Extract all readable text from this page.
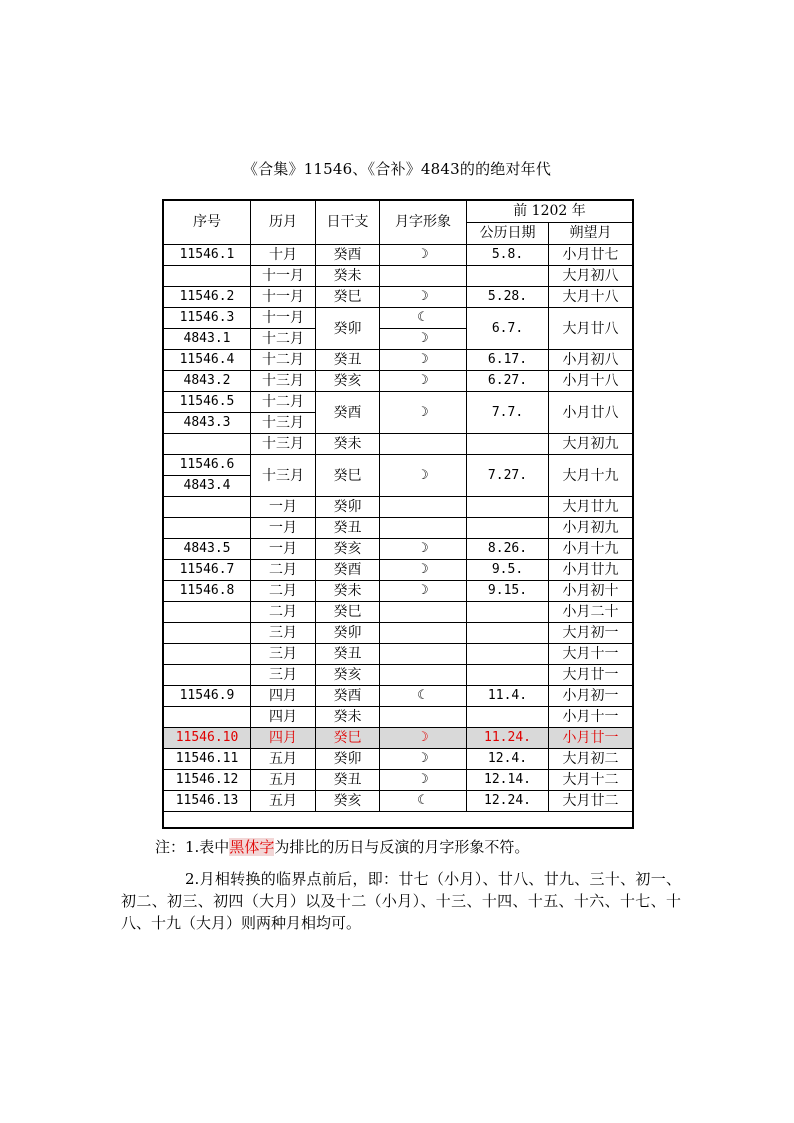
《合集》11546、《合补》4843的的绝对年代
序号	历月	日干支	月字形象	前 1202 年	
				公历日期	朔望月
11546.1	十月	癸酉	☽	5.8.	小月廿七
	十一月	癸未			大月初八
11546.2	十一月	癸巳	☽	5.28.	大月十八
11546.3	十一月	癸卯	☾	6.7.	大月廿八
4843.1	十二月		☽		
11546.4	十二月	癸丑	☽	6.17.	小月初八
4843.2	十三月	癸亥	☽	6.27.	小月十八
11546.5	十二月	癸酉	☽	7.7.	小月廿八
4843.3	十三月				
	十三月	癸未			大月初九
11546.6	十三月	癸巳	☽	7.27.	大月十九
4843.4					
	一月	癸卯			大月廿九
	一月	癸丑			小月初九
4843.5	一月	癸亥	☽	8.26.	小月十九
11546.7	二月	癸酉	☽	9.5.	小月廿九
11546.8	二月	癸未	☽	9.15.	小月初十
	二月	癸巳			小月二十
	三月	癸卯			大月初一
	三月	癸丑			大月十一
	三月	癸亥			大月廿一
11546.9	四月	癸酉	☾	11.4.	小月初一
	四月	癸未			小月十一
11546.10	四月	癸巳	☽	11.24.	小月廿一
11546.11	五月	癸卯	☽	12.4.	大月初二
11546.12	五月	癸丑	☽	12.14.	大月十二
11546.13	五月	癸亥	☾	12.24.	大月廿二
注：1.表中黑体字为排比的历日与反演的月字形象不符。
2.月相转换的临界点前后，即：廿七（小月）、廿八、廿九、三十、初一、初二、初三、初四（大月）以及十二（小月）、十三、十四、十五、十六、十七、十八、十九（大月）则两种月相均可。
